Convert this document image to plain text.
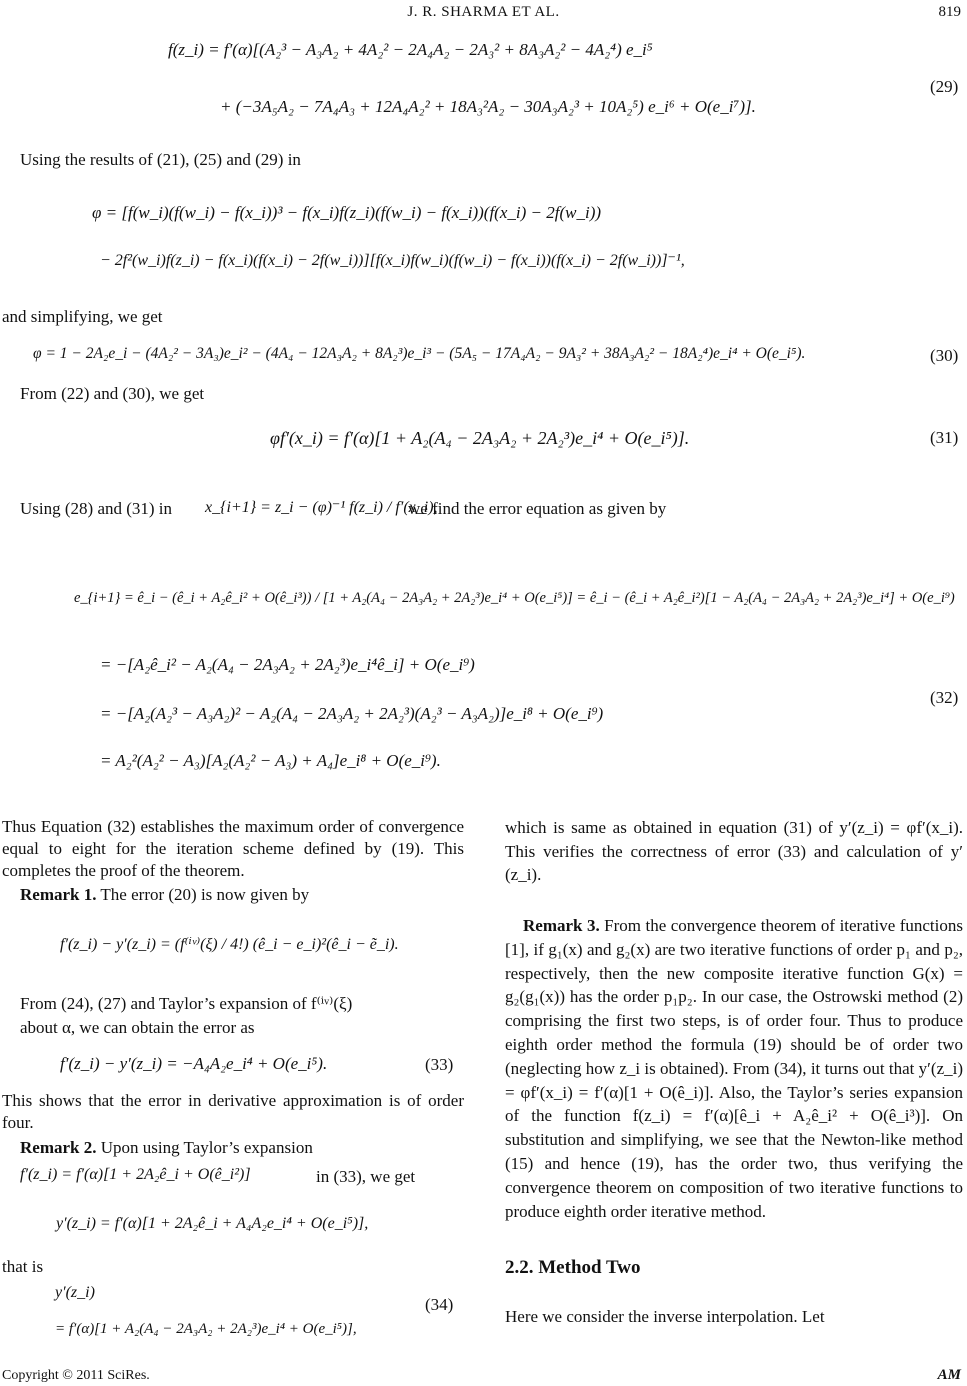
J. R. SHARMA ET AL.	819
f(z_i) = f′(α)[(A₂³ − A₃A₂ + 4A₂² − 2A₄A₂ − 2A₃² + 8A₃A₂² − 4A₂⁴) e_i⁵
+ (−3A₅A₂ − 7A₄A₃ + 12A₄A₂² + 18A₃²A₂ − 30A₃A₂³ + 10A₂⁵) e_i⁶ + O(e_i⁷)].
(29)
Using the results of (21), (25) and (29) in
φ = [f(w_i)(f(w_i) − f(x_i))³ − f(x_i)f(z_i)(f(w_i) − f(x_i))(f(x_i) − 2f(w_i))
− 2f²(w_i)f(z_i) − f(x_i)(f(x_i) − 2f(w_i))][f(x_i)f(w_i)(f(w_i) − f(x_i))(f(x_i) − 2f(w_i))]⁻¹,
and simplifying, we get
φ = 1 − 2A₂e_i − (4A₂² − 3A₃)e_i² − (4A₄ − 12A₃A₂ + 8A₂³)e_i³ − (5A₅ − 17A₄A₂ − 9A₃² + 38A₃A₂² − 18A₂⁴)e_i⁴ + O(e_i⁵).	(30)
From (22) and (30), we get
φf′(x_i) = f′(α)[1 + A₂(A₄ − 2A₃A₂ + 2A₂³)e_i⁴ + O(e_i⁵)].	(31)
Using (28) and (31) in x_{i+1} = z_i − (φ)⁻¹ f(z_i) / f′(x_i),
we find the error equation as given by
e_{i+1} = ê_i − (ê_i + A₂ê_i² + O(ê_i³)) / [1 + A₂(A₄ − 2A₃A₂ + 2A₂³)e_i⁴ + O(e_i⁵)] = ê_i − (ê_i + A₂ê_i²)[1 − A₂(A₄ − 2A₃A₂ + 2A₂³)e_i⁴] + O(e_i⁹)
= −[A₂ê_i² − A₂(A₄ − 2A₃A₂ + 2A₂³)e_i⁴ê_i] + O(e_i⁹)
= −[A₂(A₂³ − A₃A₂)² − A₂(A₄ − 2A₃A₂ + 2A₂³)(A₂³ − A₃A₂)]e_i⁸ + O(e_i⁹)
= A₂²(A₂² − A₃)[A₂(A₂² − A₃) + A₄]e_i⁸ + O(e_i⁹).
(32)
Thus Equation (32) establishes the maximum order of convergence equal to eight for the iteration scheme defined by (19). This completes the proof of the theorem.
Remark 1. The error (20) is now given by
f′(z_i) − y′(z_i) = (f⁽ⁱᵛ⁾(ξ) / 4!) (ê_i − e_i)²(ê_i − ẽ_i).
From (24), (27) and Taylor’s expansion of f⁽ⁱᵛ⁾(ξ)
about α, we can obtain the error as
f′(z_i) − y′(z_i) = −A₄A₂e_i⁴ + O(e_i⁵).	(33)
This shows that the error in derivative approximation is of order four.
Remark 2. Upon using Taylor’s expansion
f′(z_i) = f′(α)[1 + 2A₂ê_i + O(ê_i²)]	in (33), we get
y′(z_i) = f′(α)[1 + 2A₂ê_i + A₄A₂e_i⁴ + O(e_i⁵)],
that is
y′(z_i)
= f′(α)[1 + A₂(A₄ − 2A₃A₂ + 2A₂³)e_i⁴ + O(e_i⁵)],
(34)
which is same as obtained in equation (31) of y′(z_i) = φf′(x_i). This verifies the correctness of error (33) and calculation of y′(z_i).
Remark 3. From the convergence theorem of iterative functions [1], if g₁(x) and g₂(x) are two iterative functions of order p₁ and p₂, respectively, then the new composite iterative function G(x) = g₂(g₁(x)) has the order p₁p₂. In our case, the Ostrowski method (2) comprising the first two steps, is of order four. Thus to produce eighth order method the formula (19) should be of order two (neglecting how z_i is obtained). From (34), it turns out that y′(z_i) = φf′(x_i) = f′(α)[1 + O(ê_i)]. Also, the Taylor’s series expansion of the function f(z_i) = f′(α)[ê_i + A₂ê_i² + O(ê_i³)]. On substitution and simplifying, we see that the Newton-like method (15) and hence (19), has the order two, thus verifying the convergence theorem on composition of two iterative functions to produce eighth order iterative method.
2.2. Method Two
Here we consider the inverse interpolation. Let
Copyright © 2011 SciRes.	AM
